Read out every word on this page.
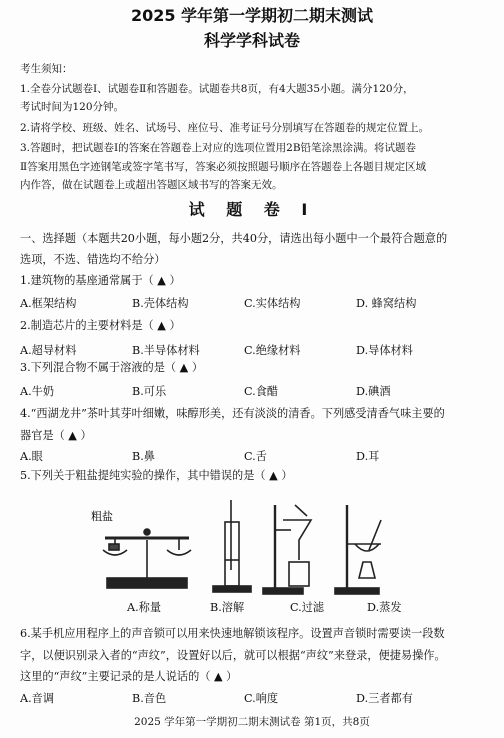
2025 学年第一学期初二期末测试
科学学科试卷
考生须知：
1.全卷分试题卷Ⅰ、试题卷Ⅱ和答题卷。试题卷共8页，有4大题35小题。满分120分，
考试时间为120分钟。
2.请将学校、班级、姓名、试场号、座位号、准考证号分别填写在答题卷的规定位置上。
3.答题时，把试题卷Ⅰ的答案在答题卷上对应的选项位置用2B铅笔涂黑涂满。将试题卷
Ⅱ答案用黑色字迹钢笔或签字笔书写，答案必须按照题号顺序在答题卷上各题目规定区域
内作答，做在试题卷上或超出答题区域书写的答案无效。
试 题 卷 Ⅰ
一、选择题（本题共20小题，每小题2分，共40分，请选出每小题中一个最符合题意的
选项，不选、错选均不给分）
1.建筑物的基座通常属于（ ▲ ）
A.框架结构	B.壳体结构	C.实体结构	D. 蜂窝结构
2.制造芯片的主要材料是（ ▲ ）
A.超导材料	B.半导体材料	C.绝缘材料	D.导体材料
3.下列混合物不属于溶液的是（ ▲ ）
A.牛奶	B.可乐	C.食醋	D.碘酒
4.“西湖龙井”茶叶其芽叶细嫩，味醇形美，还有淡淡的清香。下列感受清香气味主要的
器官是（ ▲ ）
A.眼	B.鼻	C.舌	D.耳
5.下列关于粗盐提纯实验的操作，其中错误的是（ ▲ ）
粗盐
A.称量	B.溶解	C.过滤	D.蒸发
6.某手机应用程序上的声音锁可以用来快速地解锁该程序。设置声音锁时需要读一段数
字，以便识别录入者的“声纹”，设置好以后，就可以根据“声纹”来登录，便捷易操作。
这里的“声纹”主要记录的是人说话的（ ▲ ）
A.音调	B.音色	C.响度	D.三者都有
2025 学年第一学期初二期末测试卷 第1页，共8页
